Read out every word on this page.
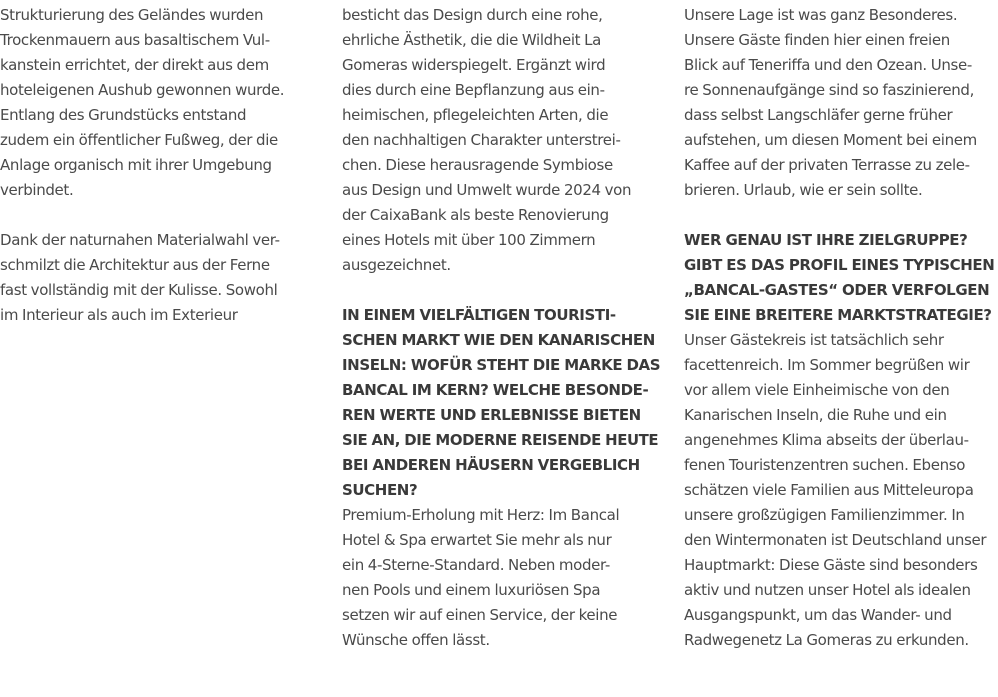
Strukturierung des Geländes wurden
Trockenmauern aus basaltischem Vul-
kanstein errichtet, der direkt aus dem
hoteleigenen Aushub gewonnen wurde.
Entlang des Grundstücks entstand
zudem ein öffentlicher Fußweg, der die
Anlage organisch mit ihrer Umgebung
verbindet.

Dank der naturnahen Materialwahl ver-
schmilzt die Architektur aus der Ferne
fast vollständig mit der Kulisse. Sowohl
im Interieur als auch im Exterieur

besticht das Design durch eine rohe,
ehrliche Ästhetik, die die Wildheit La
Gomeras widerspiegelt. Ergänzt wird
dies durch eine Bepflanzung aus ein-
heimischen, pflegeleichten Arten, die
den nachhaltigen Charakter unterstrei-
chen. Diese herausragende Symbiose
aus Design und Umwelt wurde 2024 von
der CaixaBank als beste Renovierung
eines Hotels mit über 100 Zimmern
ausgezeichnet.

IN EINEM VIELFÄLTIGEN TOURISTI-
SCHEN MARKT WIE DEN KANARISCHEN
INSELN: WOFÜR STEHT DIE MARKE DAS
BANCAL IM KERN? WELCHE BESONDE-
REN WERTE UND ERLEBNISSE BIETEN
SIE AN, DIE MODERNE REISENDE HEUTE
BEI ANDEREN HÄUSERN VERGEBLICH
SUCHEN?

Premium-Erholung mit Herz: Im Bancal
Hotel & Spa erwartet Sie mehr als nur
ein 4-Sterne-Standard. Neben moder-
nen Pools und einem luxuriösen Spa
setzen wir auf einen Service, der keine
Wünsche offen lässt.

Unsere Lage ist was ganz Besonderes.
Unsere Gäste finden hier einen freien
Blick auf Teneriffa und den Ozean. Unse-
re Sonnenaufgänge sind so faszinierend,
dass selbst Langschläfer gerne früher
aufstehen, um diesen Moment bei einem
Kaffee auf der privaten Terrasse zu zele-
brieren. Urlaub, wie er sein sollte.

WER GENAU IST IHRE ZIELGRUPPE?
GIBT ES DAS PROFIL EINES TYPISCHEN
„BANCAL-GASTES“ ODER VERFOLGEN
SIE EINE BREITERE MARKTSTRATEGIE?

Unser Gästekreis ist tatsächlich sehr
facettenreich. Im Sommer begrüßen wir
vor allem viele Einheimische von den
Kanarischen Inseln, die Ruhe und ein
angenehmes Klima abseits der überlau-
fenen Touristenzentren suchen. Ebenso
schätzen viele Familien aus Mitteleuropa
unsere großzügigen Familienzimmer. In
den Wintermonaten ist Deutschland unser
Hauptmarkt: Diese Gäste sind besonders
aktiv und nutzen unser Hotel als idealen
Ausgangspunkt, um das Wander- und
Radwegenetz La Gomeras zu erkunden.
